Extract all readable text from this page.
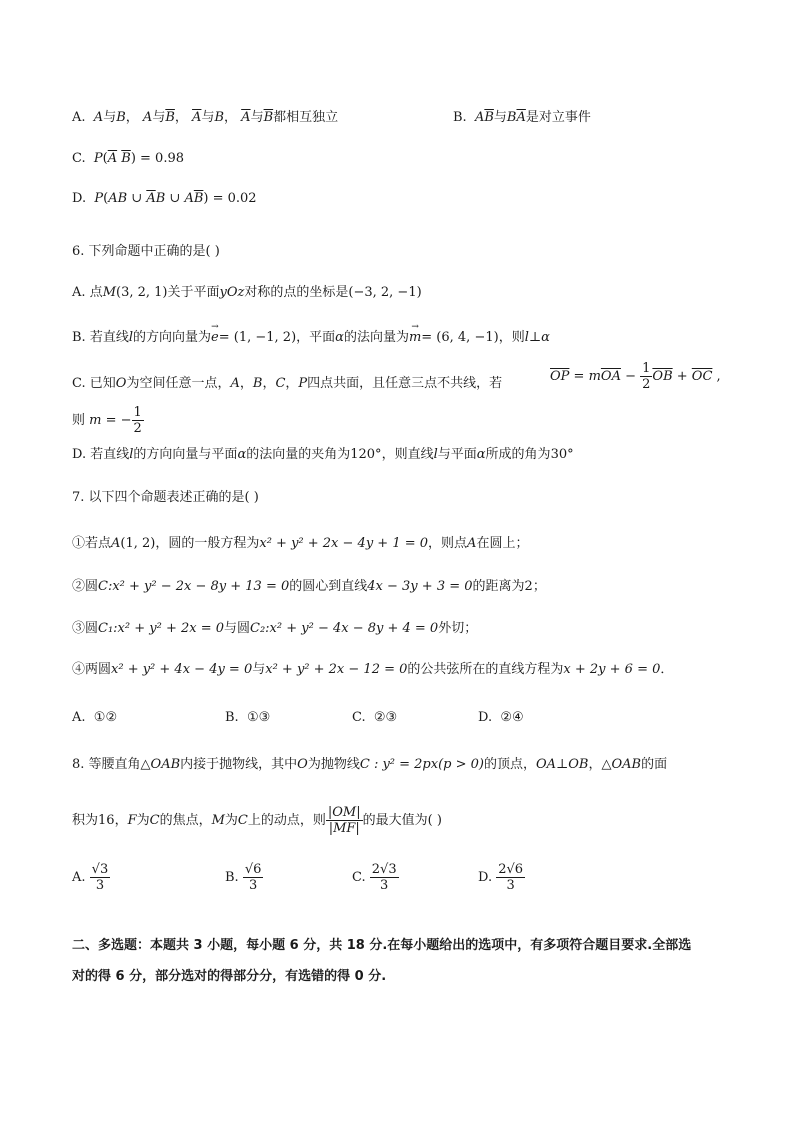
A. A与B， A与$\overline{B}$， $\overline{A}$与B， $\overline{A}$与$\overline{B}$都相互独立	B. $A\overline{B}$与$B\overline{A}$是对立事件
C. $P(\overline{A}$ $\overline{B}) = 0.98$
D. P(AB ∪ $\overline{A}B$ ∪ $A\overline{B}) = 0.02$
6. 下列命题中正确的是( )
A. 点M(3, 2, 1)关于平面yOz对称的点的坐标是(−3, 2, −1)
B. 若直线l的方向向量为→ e= (1, −1, 2)，平面α的法向量为→ m= (6, 4, −1)，则l⊥α
C. 已知O为空间任意一点，A，B，C，P四点共面，且任意三点不共线，若	$\overline{OP} = m\overline{OA} - \frac{1}{2} \overline{OB} + \overline{OC}$ ,
则 m = − $\frac{1}{2}$
D. 若直线l的方向向量与平面α的法向量的夹角为120°，则直线l与平面α所成的角为30°
7. 以下四个命题表述正确的是( )
①若点A(1, 2)，圆的一般方程为x² + y² + 2x − 4y + 1 = 0，则点A在圆上；
②圆C:x² + y² − 2x − 8y + 13 = 0的圆心到直线4x − 3y + 3 = 0的距离为2；
③圆C₁:x² + y² + 2x = 0与圆C₂:x² + y² − 4x − 8y + 4 = 0外切；
④两圆x² + y² + 4x − 4y = 0与x² + y² + 2x − 12 = 0的公共弦所在的直线方程为x + 2y + 6 = 0．
A. ①②	B. ①③	C. ②③	D. ②④
8. 等腰直角△OAB内接于抛物线，其中O为抛物线C : y² = 2px(p > 0)的顶点，OA⊥OB，△OAB的面
积为16，F为C的焦点，M为C上的动点，则 $\frac{|OM|}{|MF|}$ 的最大值为( )
A. $\frac{√3}{3}$	B. $\frac{√6}{3}$	C. $\frac{2√3}{3}$	D. $\frac{2√6}{3}$
二、多选题：本题共 3 小题，每小题 6 分，共 18 分.在每小题给出的选项中，有多项符合题目要求.全部选
对的得 6 分，部分选对的得部分分，有选错的得 0 分.
